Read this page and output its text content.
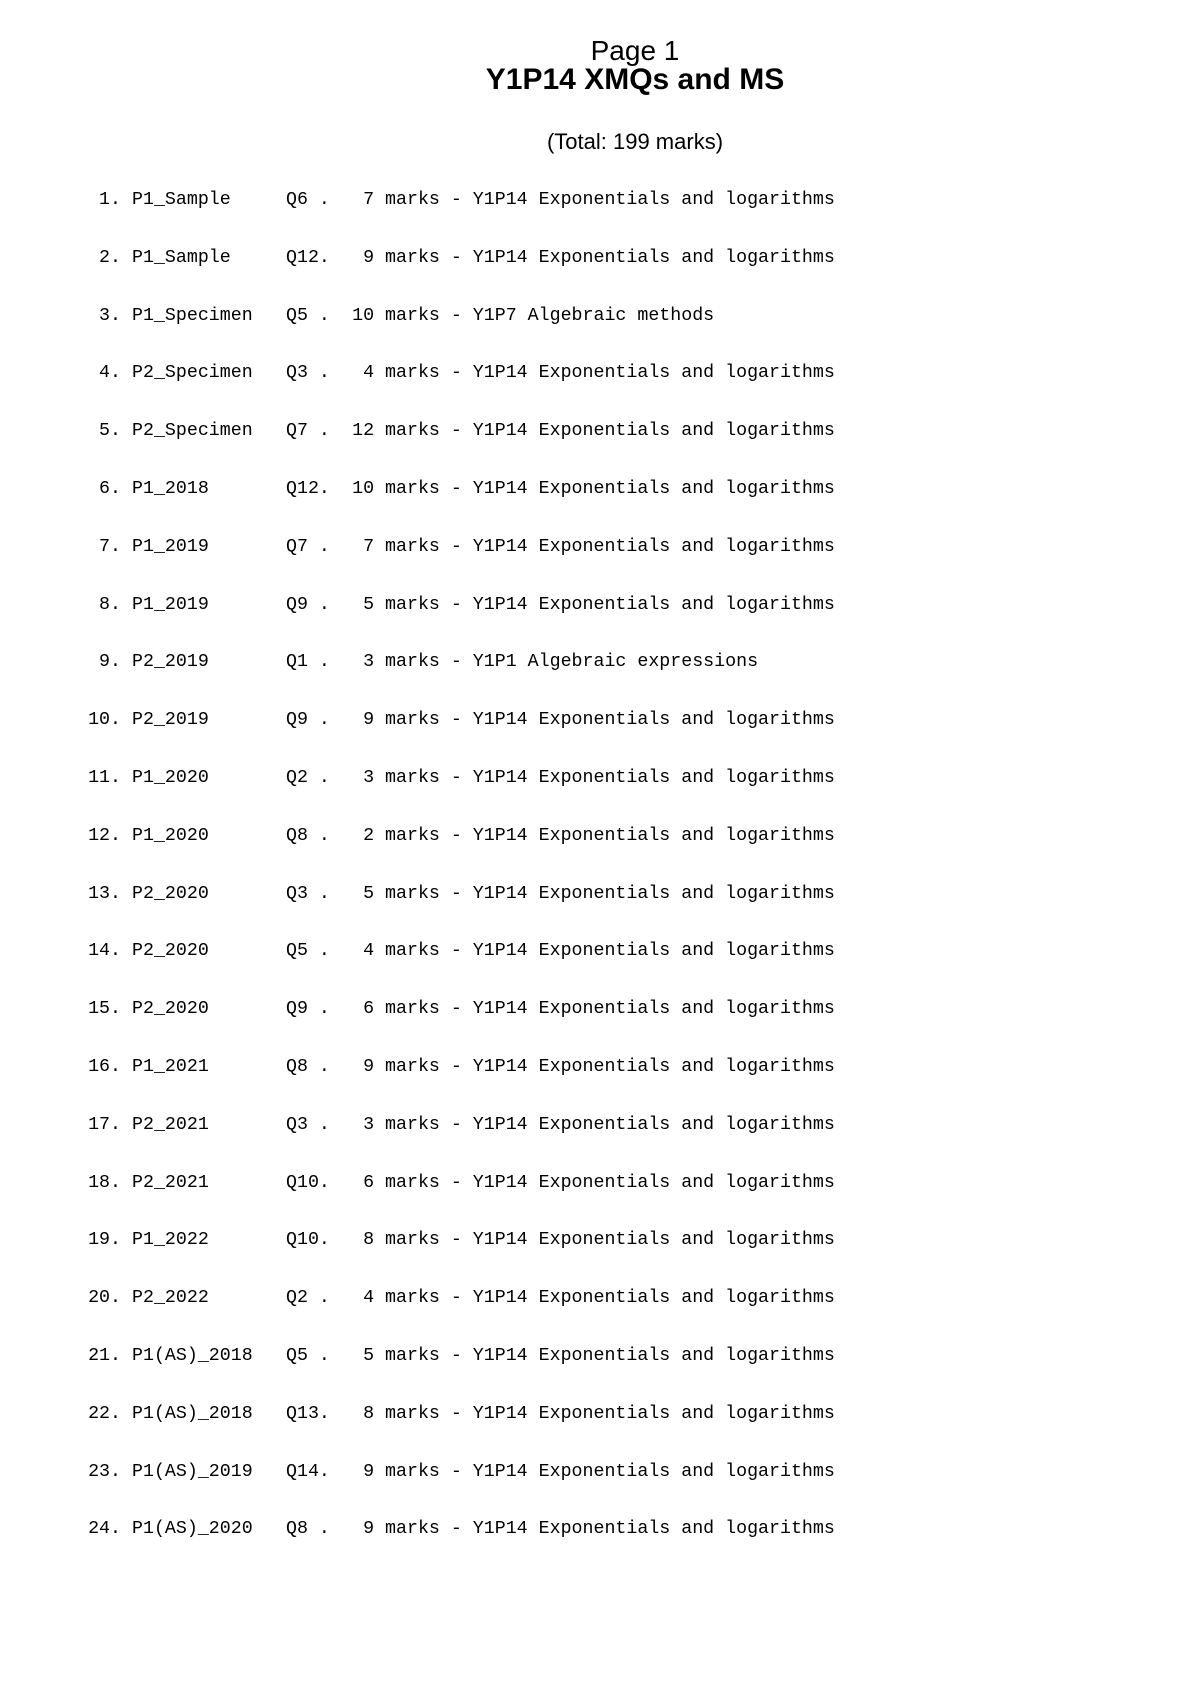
Page 1
Y1P14 XMQs and MS
(Total: 199 marks)
1. P1_Sample	Q6 .	7 marks - Y1P14 Exponentials and logarithms
2. P1_Sample	Q12.	9 marks - Y1P14 Exponentials and logarithms
3. P1_Specimen	Q5 .	10 marks - Y1P7 Algebraic methods
4. P2_Specimen	Q3 .	4 marks - Y1P14 Exponentials and logarithms
5. P2_Specimen	Q7 .	12 marks - Y1P14 Exponentials and logarithms
6. P1_2018	Q12.	10 marks - Y1P14 Exponentials and logarithms
7. P1_2019	Q7 .	7 marks - Y1P14 Exponentials and logarithms
8. P1_2019	Q9 .	5 marks - Y1P14 Exponentials and logarithms
9. P2_2019	Q1 .	3 marks - Y1P1 Algebraic expressions
10. P2_2019	Q9 .	9 marks - Y1P14 Exponentials and logarithms
11. P1_2020	Q2 .	3 marks - Y1P14 Exponentials and logarithms
12. P1_2020	Q8 .	2 marks - Y1P14 Exponentials and logarithms
13. P2_2020	Q3 .	5 marks - Y1P14 Exponentials and logarithms
14. P2_2020	Q5 .	4 marks - Y1P14 Exponentials and logarithms
15. P2_2020	Q9 .	6 marks - Y1P14 Exponentials and logarithms
16. P1_2021	Q8 .	9 marks - Y1P14 Exponentials and logarithms
17. P2_2021	Q3 .	3 marks - Y1P14 Exponentials and logarithms
18. P2_2021	Q10.	6 marks - Y1P14 Exponentials and logarithms
19. P1_2022	Q10.	8 marks - Y1P14 Exponentials and logarithms
20. P2_2022	Q2 .	4 marks - Y1P14 Exponentials and logarithms
21. P1(AS)_2018	Q5 .	5 marks - Y1P14 Exponentials and logarithms
22. P1(AS)_2018	Q13.	8 marks - Y1P14 Exponentials and logarithms
23. P1(AS)_2019	Q14.	9 marks - Y1P14 Exponentials and logarithms
24. P1(AS)_2020	Q8 .	9 marks - Y1P14 Exponentials and logarithms
